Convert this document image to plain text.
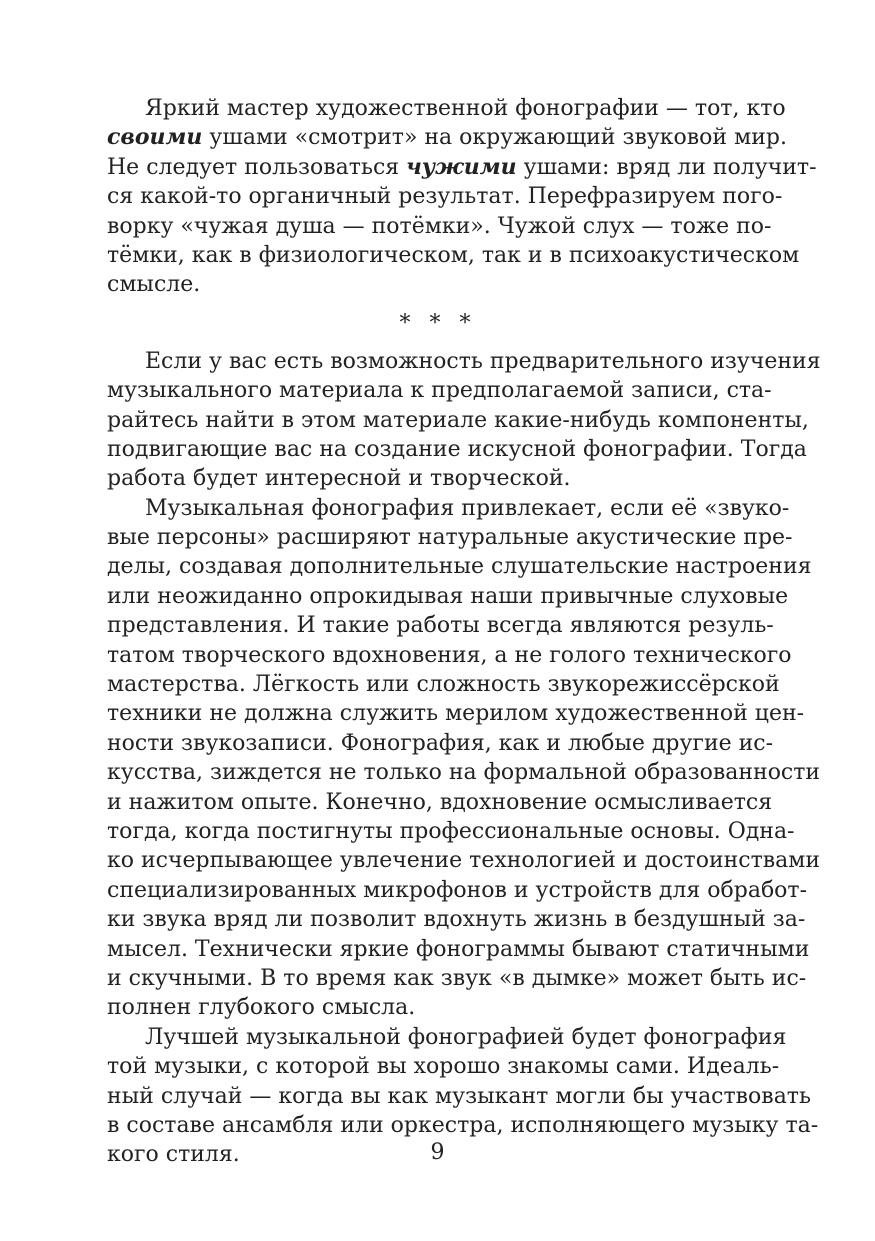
Яркий мастер художественной фонографии — тот, кто
своими ушами «смотрит» на окружающий звуковой мир.
Не следует пользоваться чужими ушами: вряд ли получит-
ся какой-то органичный результат. Перефразируем пого-
ворку «чужая душа — потёмки». Чужой слух — тоже по-
тёмки, как в физиологическом, так и в психоакустическом
смысле.
* * *
Если у вас есть возможность предварительного изучения
музыкального материала к предполагаемой записи, ста-
райтесь найти в этом материале какие-нибудь компоненты,
подвигающие вас на создание искусной фонографии. Тогда
работа будет интересной и творческой.
Музыкальная фонография привлекает, если её «звуко-
вые персоны» расширяют натуральные акустические пре-
делы, создавая дополнительные слушательские настроения
или неожиданно опрокидывая наши привычные слуховые
представления. И такие работы всегда являются резуль-
татом творческого вдохновения, а не голого технического
мастерства. Лёгкость или сложность звукорежиссёрской
техники не должна служить мерилом художественной цен-
ности звукозаписи. Фонография, как и любые другие ис-
кусства, зиждется не только на формальной образованности
и нажитом опыте. Конечно, вдохновение осмысливается
тогда, когда постигнуты профессиональные основы. Одна-
ко исчерпывающее увлечение технологией и достоинствами
специализированных микрофонов и устройств для обработ-
ки звука вряд ли позволит вдохнуть жизнь в бездушный за-
мысел. Технически яркие фонограммы бывают статичными
и скучными. В то время как звук «в дымке» может быть ис-
полнен глубокого смысла.
Лучшей музыкальной фонографией будет фонография
той музыки, с которой вы хорошо знакомы сами. Идеаль-
ный случай — когда вы как музыкант могли бы участвовать
в составе ансамбля или оркестра, исполняющего музыку та-
кого стиля.	9
